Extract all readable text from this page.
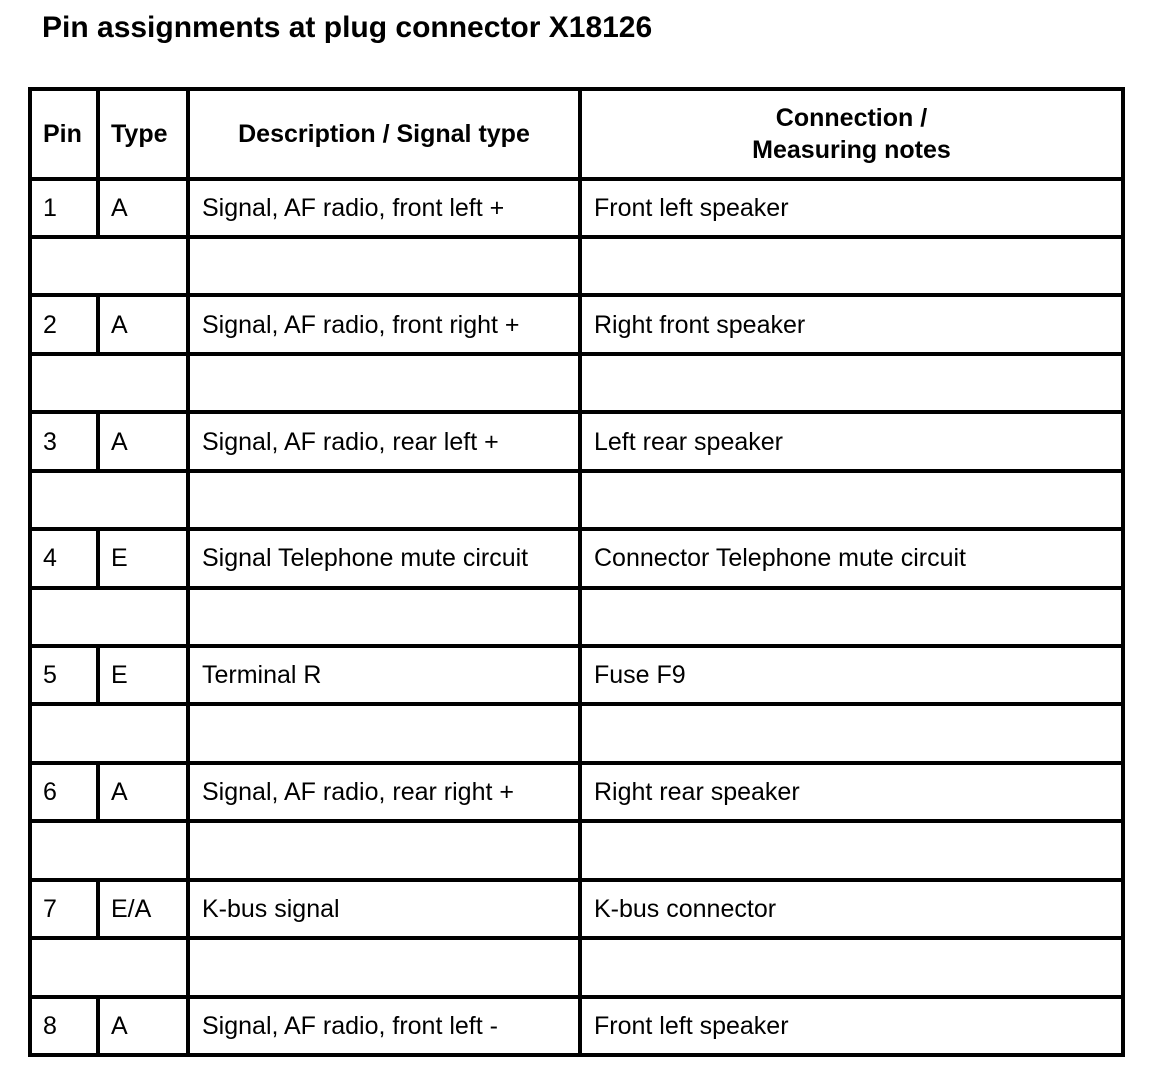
Pin assignments at plug connector X18126
Pin	Type	Description / Signal type	Connection /
Measuring notes
1	A	Signal, AF radio, front left +	Front left speaker

2	A	Signal, AF radio, front right +	Right front speaker

3	A	Signal, AF radio, rear left +	Left rear speaker

4	E	Signal Telephone mute circuit	Connector Telephone mute circuit

5	E	Terminal R	Fuse F9

6	A	Signal, AF radio, rear right +	Right rear speaker

7	E/A	K-bus signal	K-bus connector

8	A	Signal, AF radio, front left -	Front left speaker
